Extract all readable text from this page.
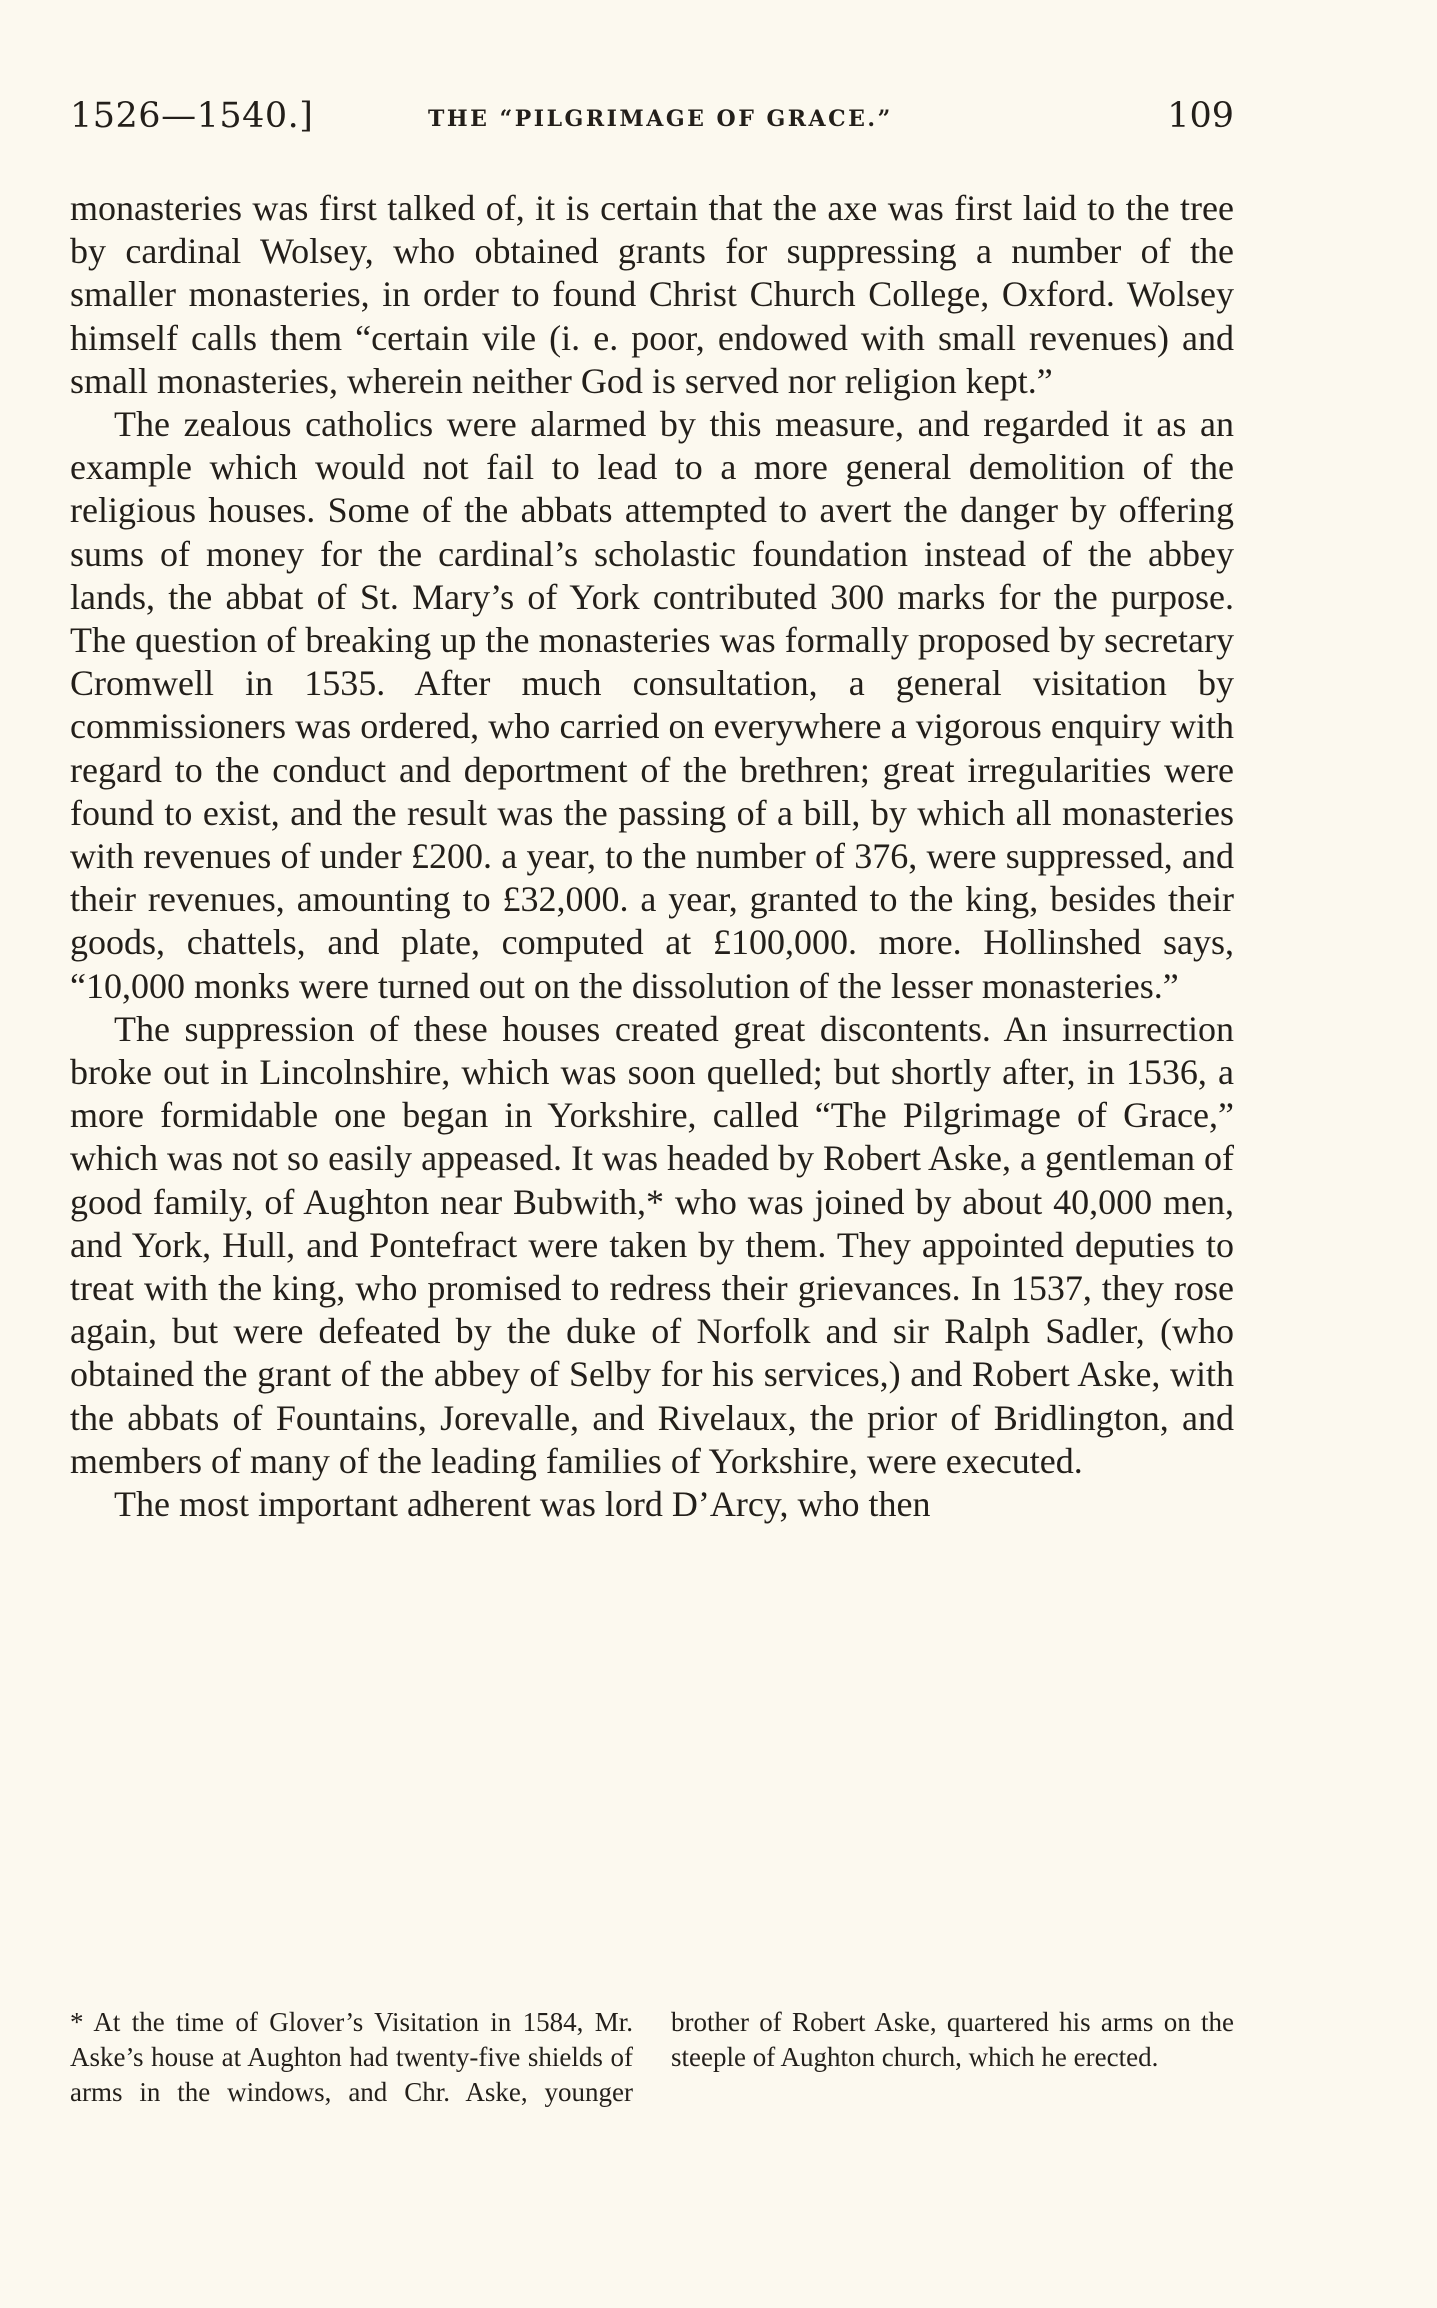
1526—1540.]	THE “PILGRIMAGE OF GRACE.”	109

monasteries was first talked of, it is certain that the axe was first laid to the tree by cardinal Wolsey, who obtained grants for suppressing a number of the smaller monasteries, in order to found Christ Church College, Oxford. Wolsey himself calls them “certain vile (i. e. poor, endowed with small revenues) and small monasteries, wherein neither God is served nor religion kept.”

The zealous catholics were alarmed by this measure, and regarded it as an example which would not fail to lead to a more general demolition of the religious houses. Some of the abbats attempted to avert the danger by offering sums of money for the cardinal’s scholastic foundation instead of the abbey lands, the abbat of St. Mary’s of York contributed 300 marks for the purpose. The question of breaking up the monasteries was formally proposed by secretary Cromwell in 1535. After much consultation, a general visitation by commissioners was ordered, who carried on everywhere a vigorous enquiry with regard to the conduct and deportment of the brethren; great irregularities were found to exist, and the result was the passing of a bill, by which all monasteries with revenues of under £200. a year, to the number of 376, were suppressed, and their revenues, amounting to £32,000. a year, granted to the king, besides their goods, chattels, and plate, computed at £100,000. more. Hollinshed says, “10,000 monks were turned out on the dissolution of the lesser monasteries.”

The suppression of these houses created great discontents. An insurrection broke out in Lincolnshire, which was soon quelled; but shortly after, in 1536, a more formidable one began in Yorkshire, called “The Pilgrimage of Grace,” which was not so easily appeased. It was headed by Robert Aske, a gentleman of good family, of Aughton near Bubwith,* who was joined by about 40,000 men, and York, Hull, and Pontefract were taken by them. They appointed deputies to treat with the king, who promised to redress their grievances. In 1537, they rose again, but were defeated by the duke of Norfolk and sir Ralph Sadler, (who obtained the grant of the abbey of Selby for his services,) and Robert Aske, with the abbats of Fountains, Jorevalle, and Rivelaux, the prior of Bridlington, and members of many of the leading families of Yorkshire, were executed.

The most important adherent was lord D’Arcy, who then

* At the time of Glover’s Visitation in 1584, Mr. Aske’s house at Aughton had twenty-five shields of arms in the windows, and Chr. Aske, younger brother of Robert Aske, quartered his arms on the steeple of Aughton church, which he erected.
